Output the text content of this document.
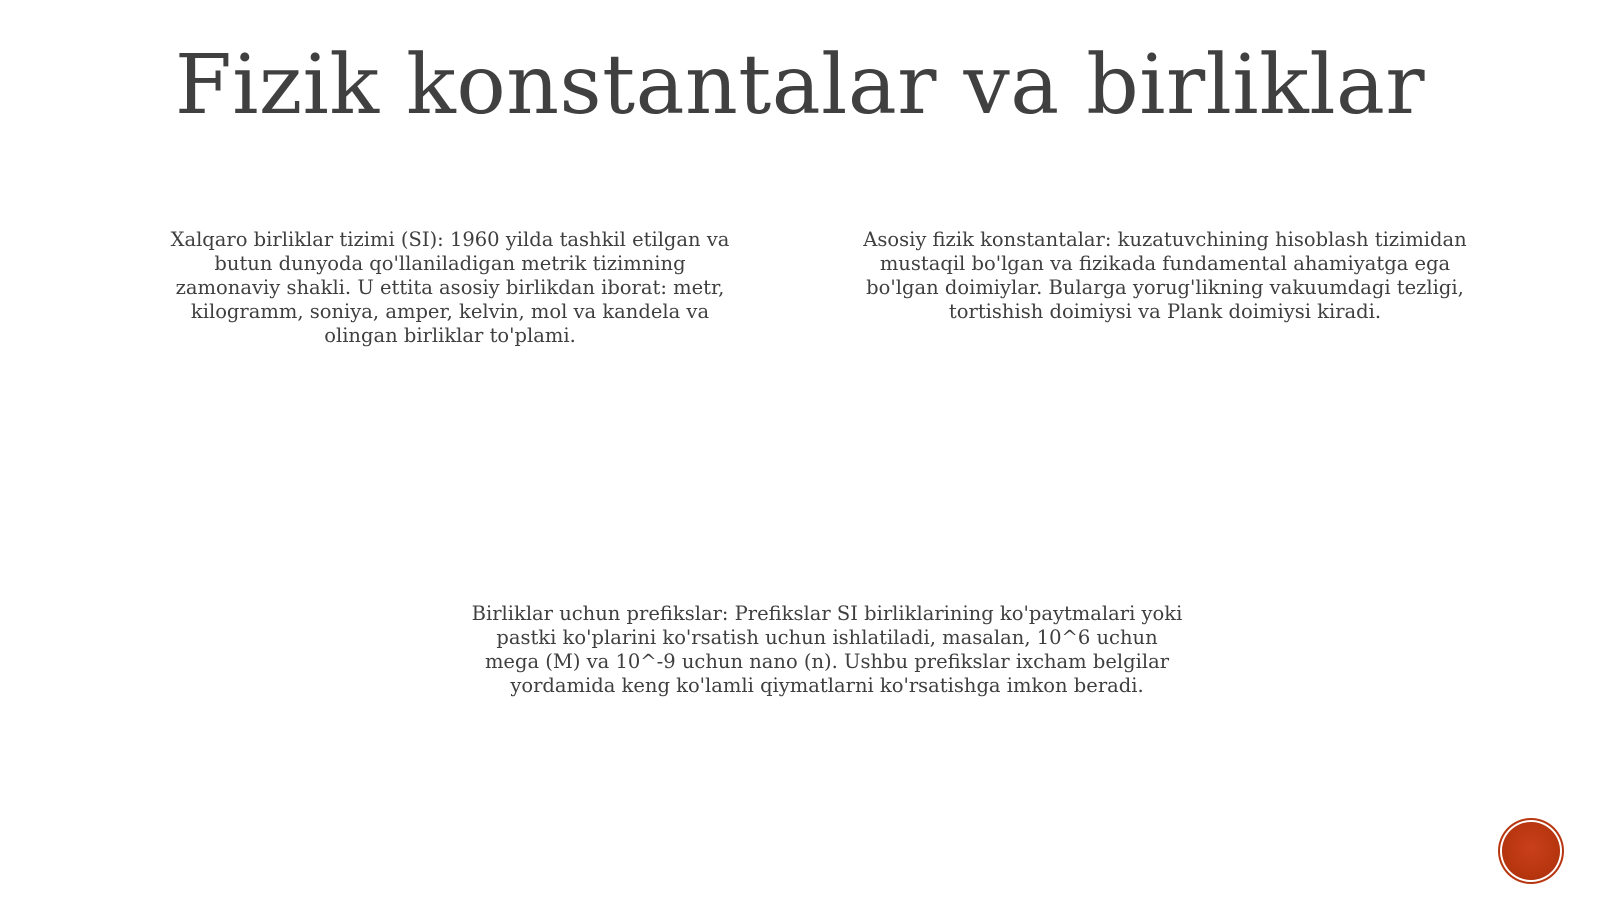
Fizik konstantalar va birliklar

Xalqaro birliklar tizimi (SI): 1960 yilda tashkil etilgan va butun dunyoda qo'llaniladigan metrik tizimning zamonaviy shakli. U ettita asosiy birlikdan iborat: metr, kilogramm, soniya, amper, kelvin, mol va kandela va olingan birliklar to'plami.

Asosiy fizik konstantalar: kuzatuvchining hisoblash tizimidan mustaqil bo'lgan va fizikada fundamental ahamiyatga ega bo'lgan doimiylar. Bularga yorug'likning vakuumdagi tezligi, tortishish doimiysi va Plank doimiysi kiradi.

Birliklar uchun prefikslar: Prefikslar SI birliklarining ko'paytmalari yoki pastki ko'plarini ko'rsatish uchun ishlatiladi, masalan, 10^6 uchun mega (M) va 10^-9 uchun nano (n). Ushbu prefikslar ixcham belgilar yordamida keng ko'lamli qiymatlarni ko'rsatishga imkon beradi.
